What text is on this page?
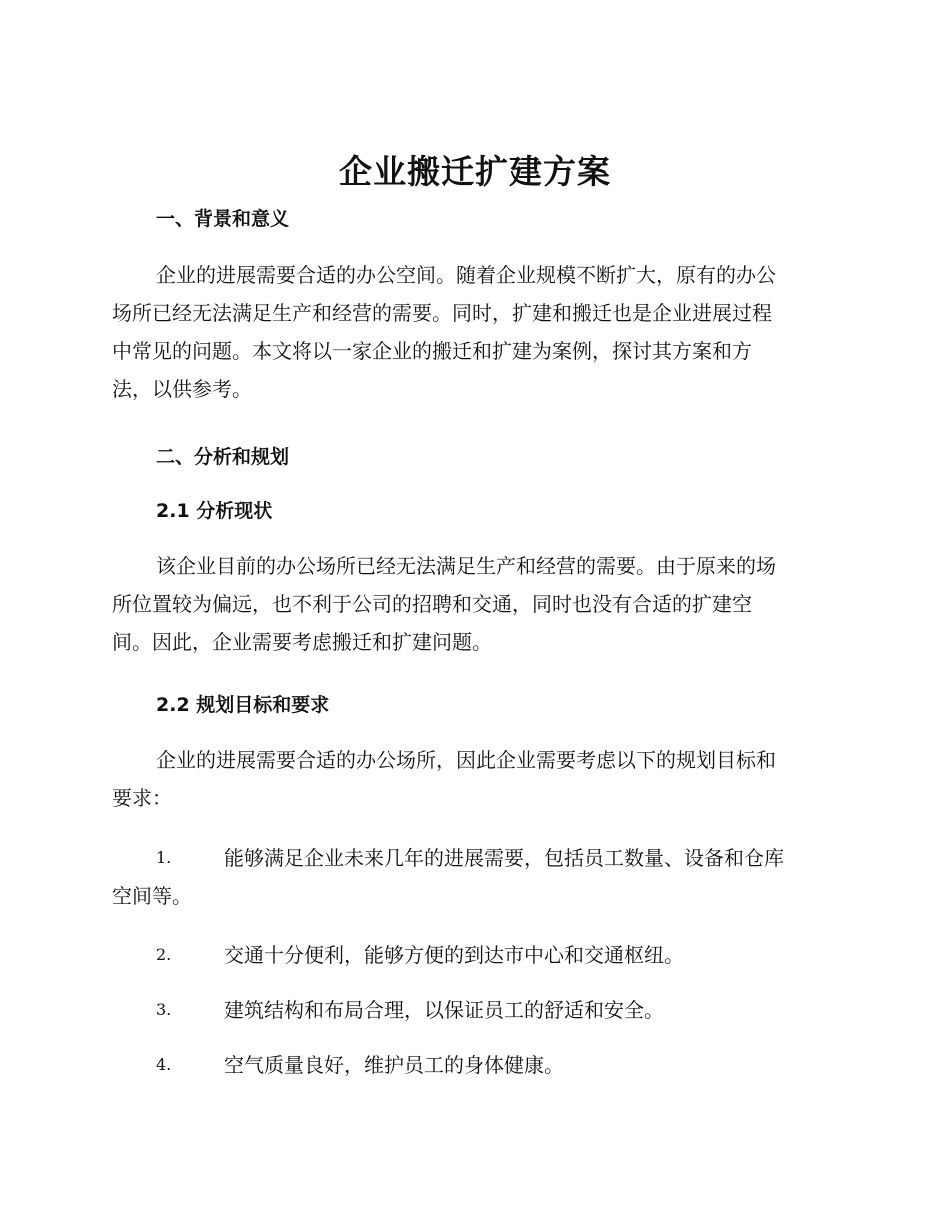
企业搬迁扩建方案
一、背景和意义
企业的进展需要合适的办公空间。随着企业规模不断扩大，原有的办公
场所已经无法满足生产和经营的需要。同时，扩建和搬迁也是企业进展过程
中常见的问题。本文将以一家企业的搬迁和扩建为案例，探讨其方案和方
法，以供参考。
二、分析和规划
2.1 分析现状
该企业目前的办公场所已经无法满足生产和经营的需要。由于原来的场
所位置较为偏远，也不利于公司的招聘和交通，同时也没有合适的扩建空
间。因此，企业需要考虑搬迁和扩建问题。
2.2 规划目标和要求
企业的进展需要合适的办公场所，因此企业需要考虑以下的规划目标和
要求：
1.	能够满足企业未来几年的进展需要，包括员工数量、设备和仓库
空间等。
2.	交通十分便利，能够方便的到达市中心和交通枢纽。
3.	建筑结构和布局合理，以保证员工的舒适和安全。
4.	空气质量良好，维护员工的身体健康。
